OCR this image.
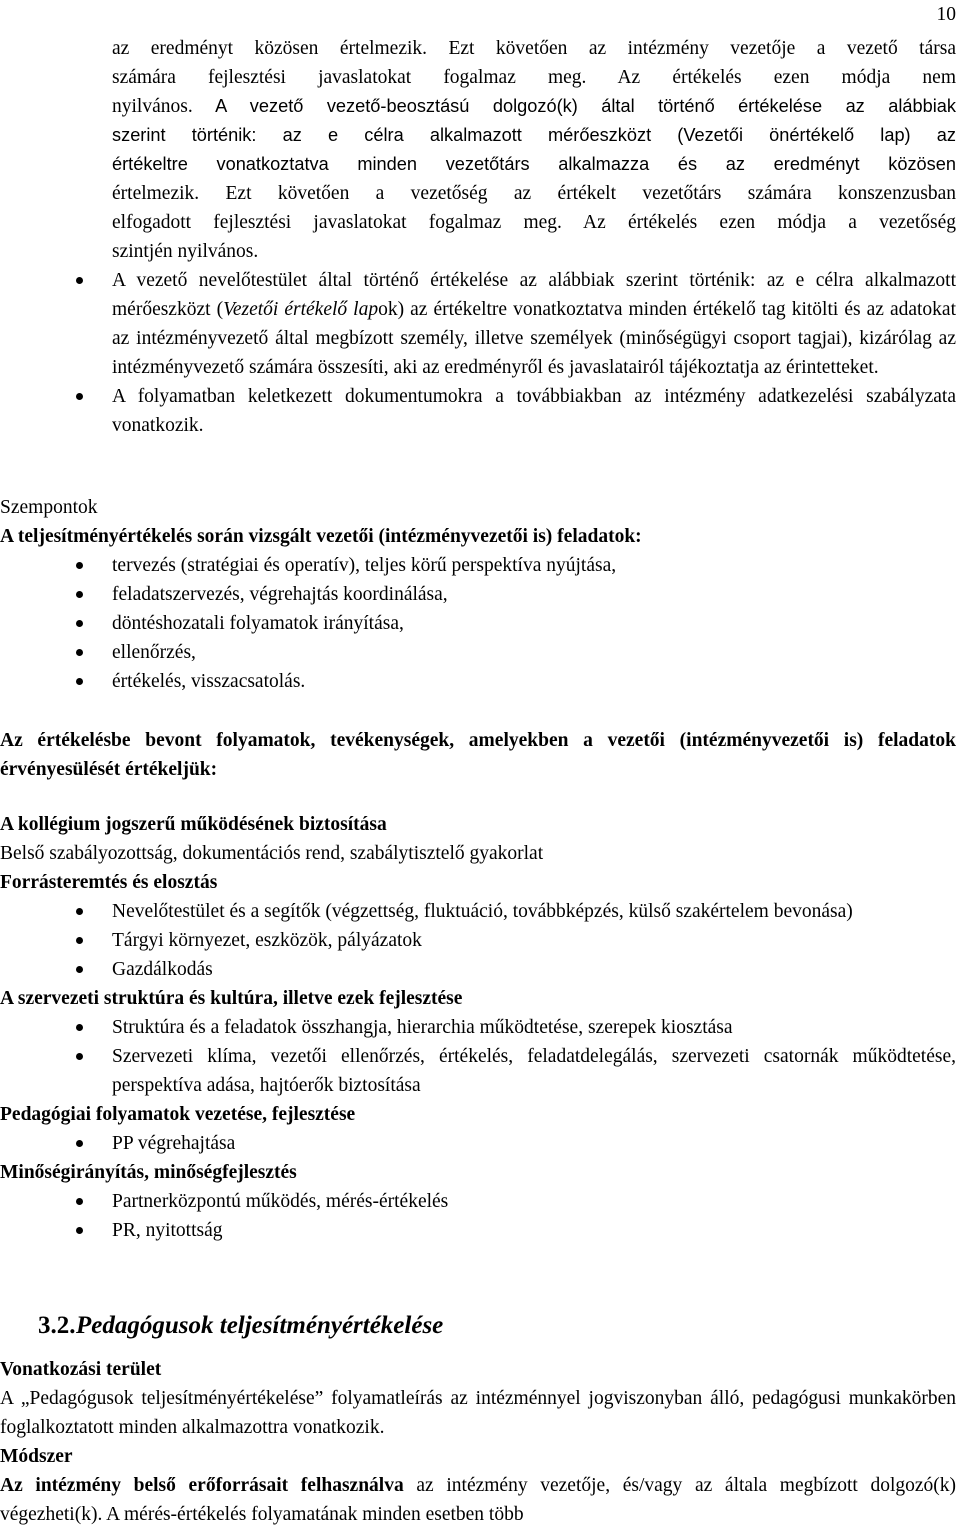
10
az eredményt közösen értelmezik. Ezt követően az intézmény vezetője a vezető társa
számára fejlesztési javaslatokat fogalmaz meg. Az értékelés ezen módja nem
nyilvános. A vezető vezető-beosztású dolgozó(k) által történő értékelése az alábbiak
szerint történik: az e célra alkalmazott mérőeszközt (Vezetői önértékelő lap) az
értékeltre vonatkoztatva minden vezetőtárs alkalmazza és az eredményt közösen
értelmezik. Ezt követően a vezetőség az értékelt vezetőtárs számára konszenzusban
elfogadott fejlesztési javaslatokat fogalmaz meg. Az értékelés ezen módja a vezetőség
szintjén nyilvános.
A vezető nevelőtestület által történő értékelése az alábbiak szerint történik: az e célra alkalmazott mérőeszközt (Vezetői értékelő lapok) az értékeltre vonatkoztatva minden értékelő tag kitölti és az adatokat az intézményvezető által megbízott személy, illetve személyek (minőségügyi csoport tagjai), kizárólag az intézményvezető számára összesíti, aki az eredményről és javaslatairól tájékoztatja az érintetteket.
A folyamatban keletkezett dokumentumokra a továbbiakban az intézmény adatkezelési szabályzata vonatkozik.
Szempontok
A teljesítményértékelés során vizsgált vezetői (intézményvezetői is) feladatok:
tervezés (stratégiai és operatív), teljes körű perspektíva nyújtása,
feladatszervezés, végrehajtás koordinálása,
döntéshozatali folyamatok irányítása,
ellenőrzés,
értékelés, visszacsatolás.
Az értékelésbe bevont folyamatok, tevékenységek, amelyekben a vezetői (intézményvezetői is) feladatok érvényesülését értékeljük:
A kollégium jogszerű működésének biztosítása
Belső szabályozottság, dokumentációs rend, szabálytisztelő gyakorlat
Forrásteremtés és elosztás
Nevelőtestület és a segítők (végzettség, fluktuáció, továbbképzés, külső szakértelem bevonása)
Tárgyi környezet, eszközök, pályázatok
Gazdálkodás
A szervezeti struktúra és kultúra, illetve ezek fejlesztése
Struktúra és a feladatok összhangja, hierarchia működtetése, szerepek kiosztása
Szervezeti klíma, vezetői ellenőrzés, értékelés, feladatdelegálás, szervezeti csatornák működtetése, perspektíva adása, hajtóerők biztosítása
Pedagógiai folyamatok vezetése, fejlesztése
PP végrehajtása
Minőségirányítás, minőségfejlesztés
Partnerközpontú működés, mérés-értékelés
PR, nyitottság
3.2.Pedagógusok teljesítményértékelése
Vonatkozási terület
A „Pedagógusok teljesítményértékelése” folyamatleírás az intézménnyel jogviszonyban álló, pedagógusi munkakörben foglalkoztatott minden alkalmazottra vonatkozik.
Módszer
Az intézmény belső erőforrásait felhasználva az intézmény vezetője, és/vagy az általa megbízott dolgozó(k) végezheti(k). A mérés-értékelés folyamatának minden esetben több
